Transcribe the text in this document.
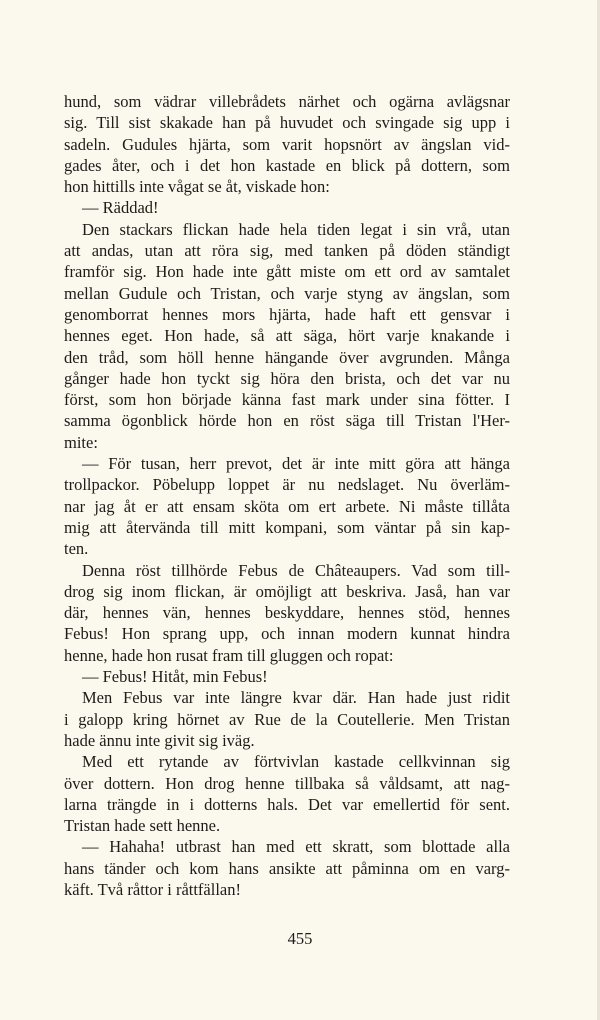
hund, som vädrar villebrådets närhet och ogärna avlägsnar
sig. Till sist skakade han på huvudet och svingade sig upp i
sadeln. Gudules hjärta, som varit hopsnört av ängslan vid-
gades åter, och i det hon kastade en blick på dottern, som
hon hittills inte vågat se åt, viskade hon:
— Räddad!
Den stackars flickan hade hela tiden legat i sin vrå, utan
att andas, utan att röra sig, med tanken på döden ständigt
framför sig. Hon hade inte gått miste om ett ord av samtalet
mellan Gudule och Tristan, och varje styng av ängslan, som
genomborrat hennes mors hjärta, hade haft ett gensvar i
hennes eget. Hon hade, så att säga, hört varje knakande i
den tråd, som höll henne hängande över avgrunden. Många
gånger hade hon tyckt sig höra den brista, och det var nu
först, som hon började känna fast mark under sina fötter. I
samma ögonblick hörde hon en röst säga till Tristan l'Her-
mite:
— För tusan, herr prevot, det är inte mitt göra att hänga
trollpackor. Pöbelupp loppet är nu nedslaget. Nu överläm-
nar jag åt er att ensam sköta om ert arbete. Ni måste tillåta
mig att återvända till mitt kompani, som väntar på sin kap-
ten.
Denna röst tillhörde Febus de Châteaupers. Vad som till-
drog sig inom flickan, är omöjligt att beskriva. Jaså, han var
där, hennes vän, hennes beskyddare, hennes stöd, hennes
Febus! Hon sprang upp, och innan modern kunnat hindra
henne, hade hon rusat fram till gluggen och ropat:
— Febus! Hitåt, min Febus!
Men Febus var inte längre kvar där. Han hade just ridit
i galopp kring hörnet av Rue de la Coutellerie. Men Tristan
hade ännu inte givit sig iväg.
Med ett rytande av förtvivlan kastade cellkvinnan sig
över dottern. Hon drog henne tillbaka så våldsamt, att nag-
larna trängde in i dotterns hals. Det var emellertid för sent.
Tristan hade sett henne.
— Hahaha! utbrast han med ett skratt, som blottade alla
hans tänder och kom hans ansikte att påminna om en varg-
käft. Två råttor i råttfällan!
455
